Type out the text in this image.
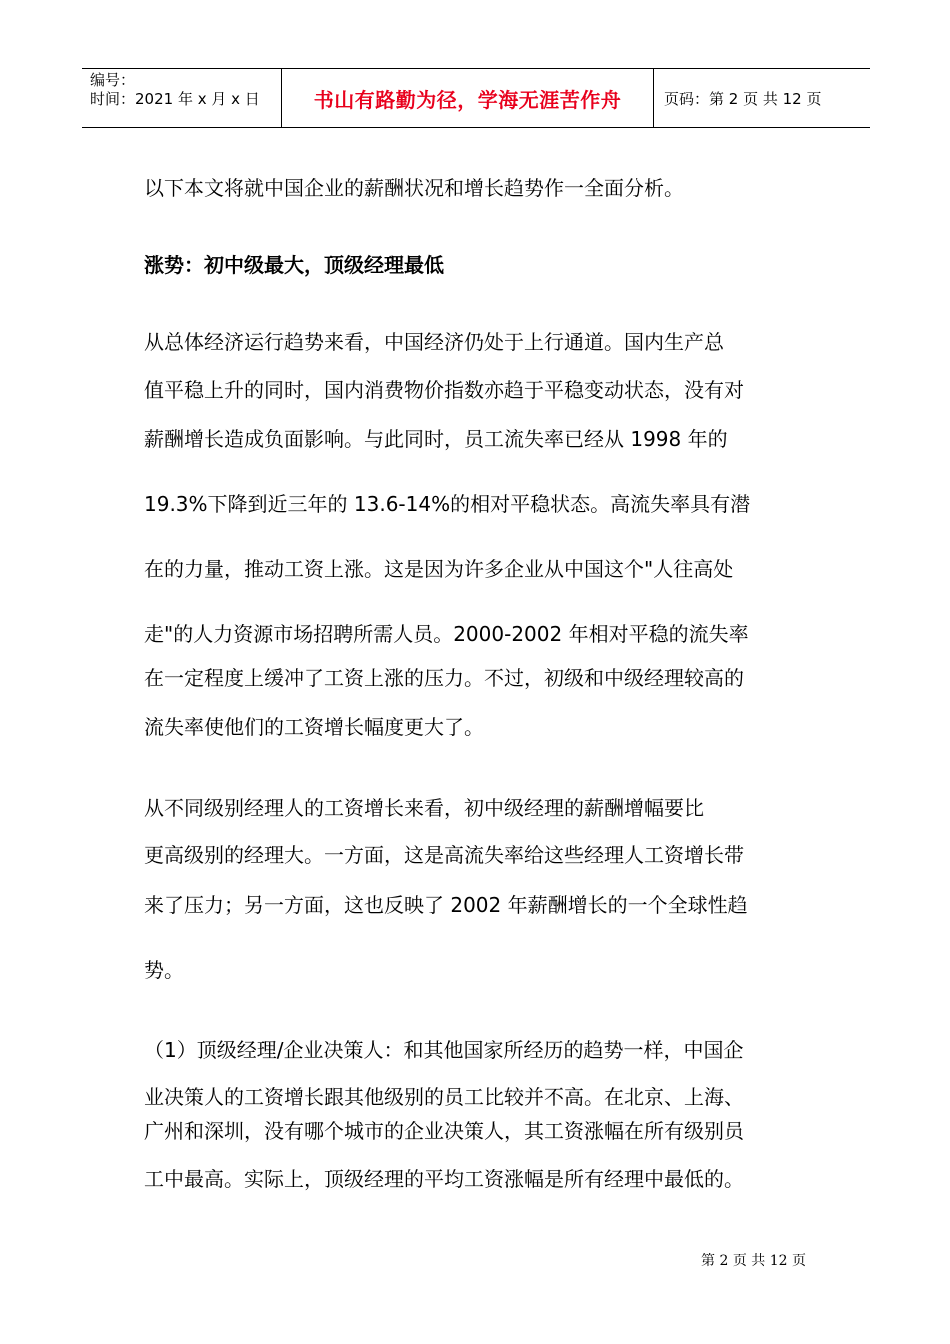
编号：
时间：2021 年 x 月 x 日	书山有路勤为径，学海无涯苦作舟	页码：第 2 页 共 12 页

以下本文将就中国企业的薪酬状况和增长趋势作一全面分析。

涨势：初中级最大，顶级经理最低

从总体经济运行趋势来看，中国经济仍处于上行通道。国内生产总

值平稳上升的同时，国内消费物价指数亦趋于平稳变动状态，没有对

薪酬增长造成负面影响。与此同时，员工流失率已经从 1998 年的

19.3%下降到近三年的 13.6-14%的相对平稳状态。高流失率具有潜

在的力量，推动工资上涨。这是因为许多企业从中国这个"人往高处

走"的人力资源市场招聘所需人员。2000-2002 年相对平稳的流失率

在一定程度上缓冲了工资上涨的压力。不过，初级和中级经理较高的

流失率使他们的工资增长幅度更大了。

从不同级别经理人的工资增长来看，初中级经理的薪酬增幅要比

更高级别的经理大。一方面，这是高流失率给这些经理人工资增长带

来了压力；另一方面，这也反映了 2002 年薪酬增长的一个全球性趋

势。

（1）顶级经理/企业决策人：和其他国家所经历的趋势一样，中国企

业决策人的工资增长跟其他级别的员工比较并不高。在北京、上海、

广州和深圳，没有哪个城市的企业决策人，其工资涨幅在所有级别员

工中最高。实际上，顶级经理的平均工资涨幅是所有经理中最低的。

第 2 页 共 12 页
